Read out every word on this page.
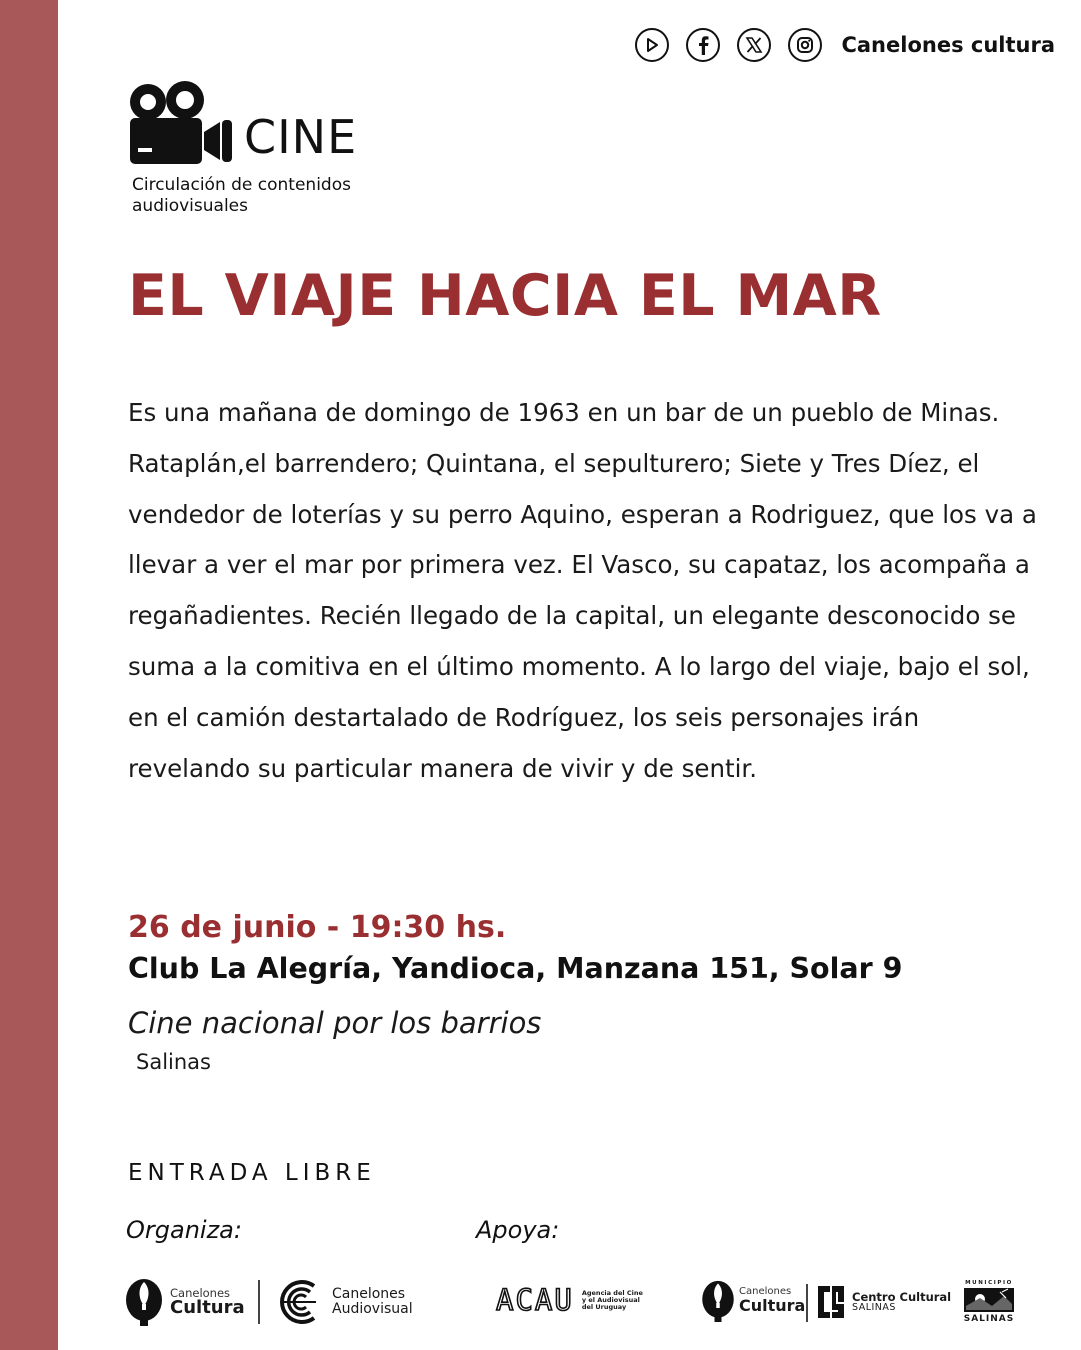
Canelones cultura
CINE
Circulación de contenidos
audiovisuales
EL VIAJE HACIA EL MAR

Es una mañana de domingo de 1963 en un bar de un pueblo de Minas. Rataplán,el barrendero; Quintana, el sepulturero; Siete y Tres Díez, el vendedor de loterías y su perro Aquino, esperan a Rodriguez, que los va a llevar a ver el mar por primera vez. El Vasco, su capataz, los acompaña a regañadientes. Recién llegado de la capital, un elegante desconocido se suma a la comitiva en el último momento. A lo largo del viaje, bajo el sol, en el camión destartalado de Rodríguez, los seis personajes irán revelando su particular manera de vivir y de sentir.

26 de junio - 19:30 hs.
Club La Alegría, Yandioca, Manzana 151, Solar 9
Cine nacional por los barrios
Salinas
ENTRADA LIBRE
Organiza:	Apoya:
Canelones
Cultura
Canelones
Audiovisual	ACAU Agencia del Cine
y el Audiovisual
del Uruguay
Canelones
Cultura	Centro Cultural
SALINAS
MUNICIPIO
SALINAS
